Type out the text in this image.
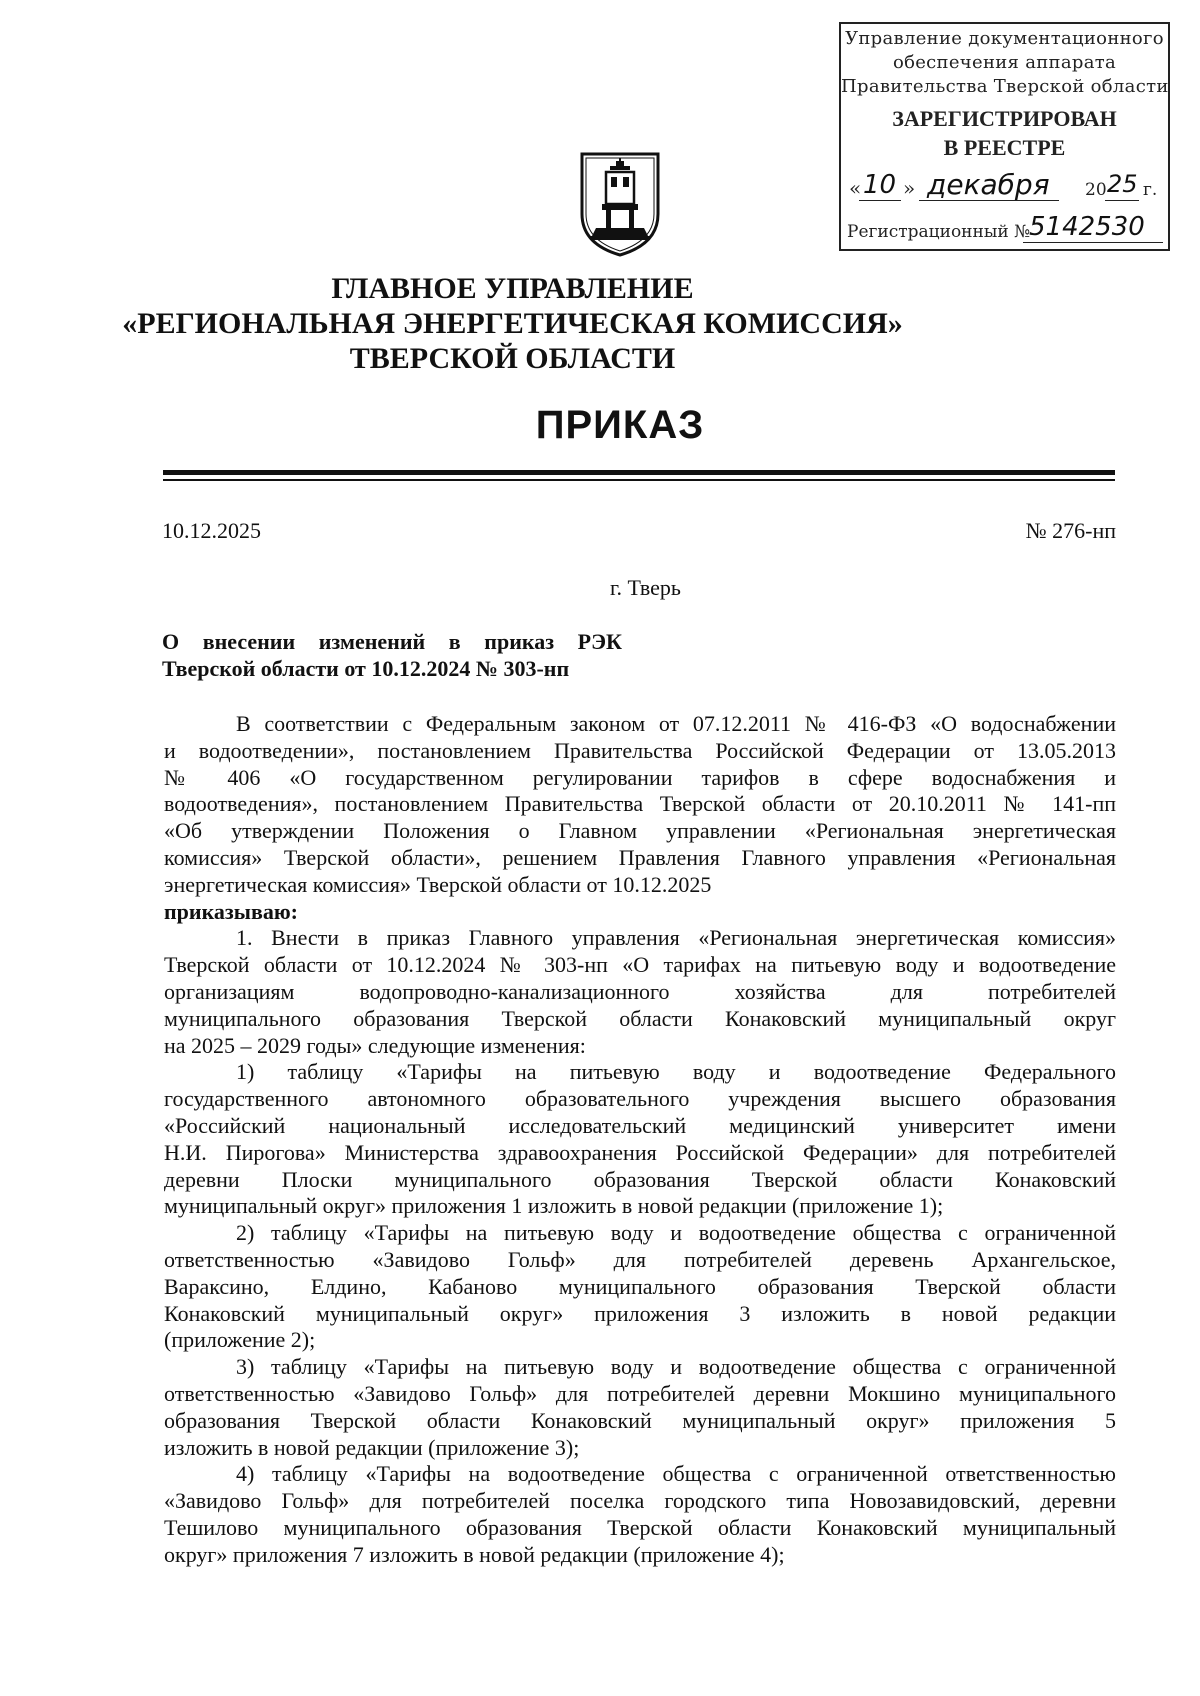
Управление документационного
обеспечения аппарата
Правительства Тверской области
ЗАРЕГИСТРИРОВАН
В РЕЕСТРЕ
« 10 » декабря 20 25 г.
Регистрационный №
5142530
ГЛАВНОЕ УПРАВЛЕНИЕ
«РЕГИОНАЛЬНАЯ ЭНЕРГЕТИЧЕСКАЯ КОМИССИЯ»
ТВЕРСКОЙ ОБЛАСТИ
ПРИКАЗ
10.12.2025	№ 276-нп
г. Тверь
О внесении изменений в приказ РЭК
Тверской области от 10.12.2024 № 303-нп
В соответствии с Федеральным законом от 07.12.2011 № 416-ФЗ «О водоснабжении
и водоотведении», постановлением Правительства Российской Федерации от 13.05.2013
№ 406 «О государственном регулировании тарифов в сфере водоснабжения и
водоотведения», постановлением Правительства Тверской области от 20.10.2011 № 141-пп
«Об утверждении Положения о Главном управлении «Региональная энергетическая
комиссия» Тверской области», решением Правления Главного управления «Региональная
энергетическая комиссия» Тверской области от 10.12.2025
приказываю:
1. Внести в приказ Главного управления «Региональная энергетическая комиссия»
Тверской области от 10.12.2024 № 303-нп «О тарифах на питьевую воду и водоотведение
организациям водопроводно-канализационного хозяйства для потребителей
муниципального образования Тверской области Конаковский муниципальный округ
на 2025 – 2029 годы» следующие изменения:
1) таблицу «Тарифы на питьевую воду и водоотведение Федерального
государственного автономного образовательного учреждения высшего образования
«Российский национальный исследовательский медицинский университет имени
Н.И. Пирогова» Министерства здравоохранения Российской Федерации» для потребителей
деревни Плоски муниципального образования Тверской области Конаковский
муниципальный округ» приложения 1 изложить в новой редакции (приложение 1);
2) таблицу «Тарифы на питьевую воду и водоотведение общества с ограниченной
ответственностью «Завидово Гольф» для потребителей деревень Архангельское,
Вараксино, Елдино, Кабаново муниципального образования Тверской области
Конаковский муниципальный округ» приложения 3 изложить в новой редакции
(приложение 2);
3) таблицу «Тарифы на питьевую воду и водоотведение общества с ограниченной
ответственностью «Завидово Гольф» для потребителей деревни Мокшино муниципального
образования Тверской области Конаковский муниципальный округ» приложения 5
изложить в новой редакции (приложение 3);
4) таблицу «Тарифы на водоотведение общества с ограниченной ответственностью
«Завидово Гольф» для потребителей поселка городского типа Новозавидовский, деревни
Тешилово муниципального образования Тверской области Конаковский муниципальный
округ» приложения 7 изложить в новой редакции (приложение 4);
